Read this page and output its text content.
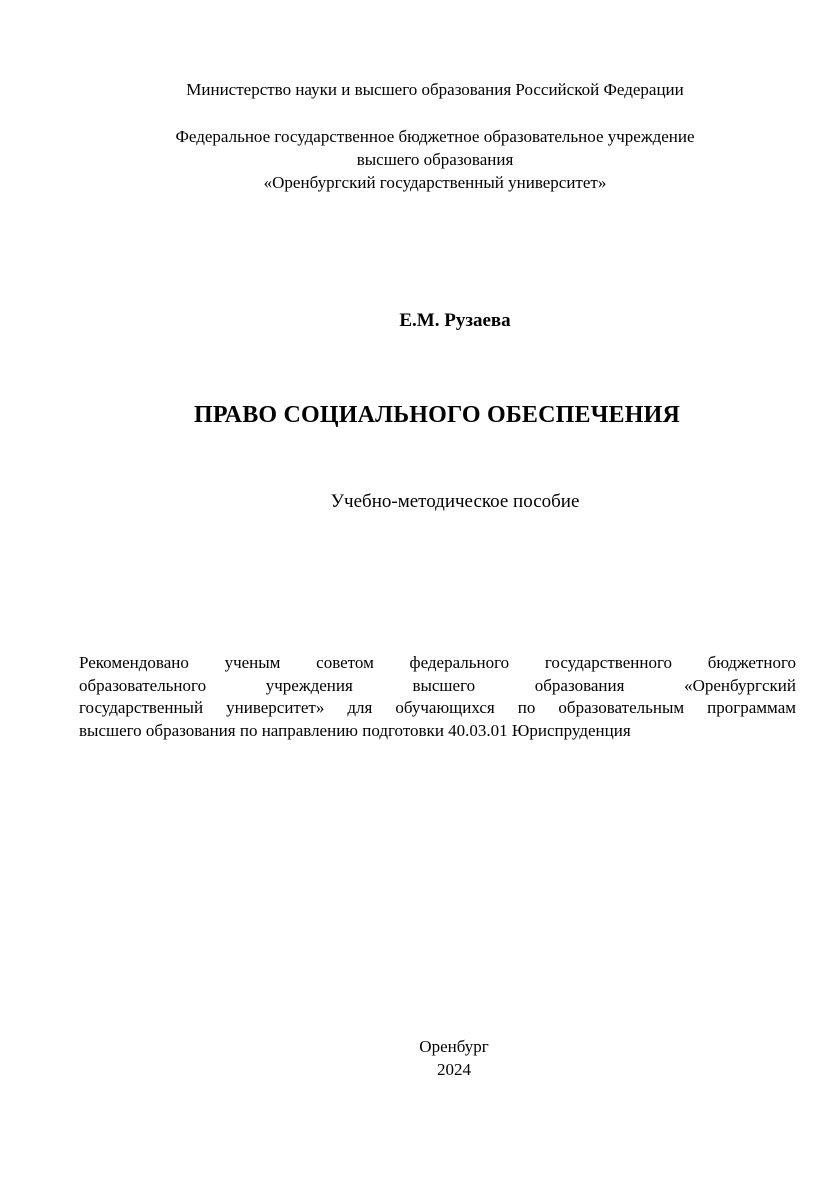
Министерство науки и высшего образования Российской Федерации
Федеральное государственное бюджетное образовательное учреждение
высшего образования
«Оренбургский государственный университет»
Е.М. Рузаева
ПРАВО СОЦИАЛЬНОГО ОБЕСПЕЧЕНИЯ
Учебно-методическое пособие
Рекомендовано ученым советом федерального государственного бюджетного
образовательного учреждения высшего образования «Оренбургский
государственный университет» для обучающихся по образовательным программам
высшего образования по направлению подготовки 40.03.01 Юриспруденция
Оренбург
2024
